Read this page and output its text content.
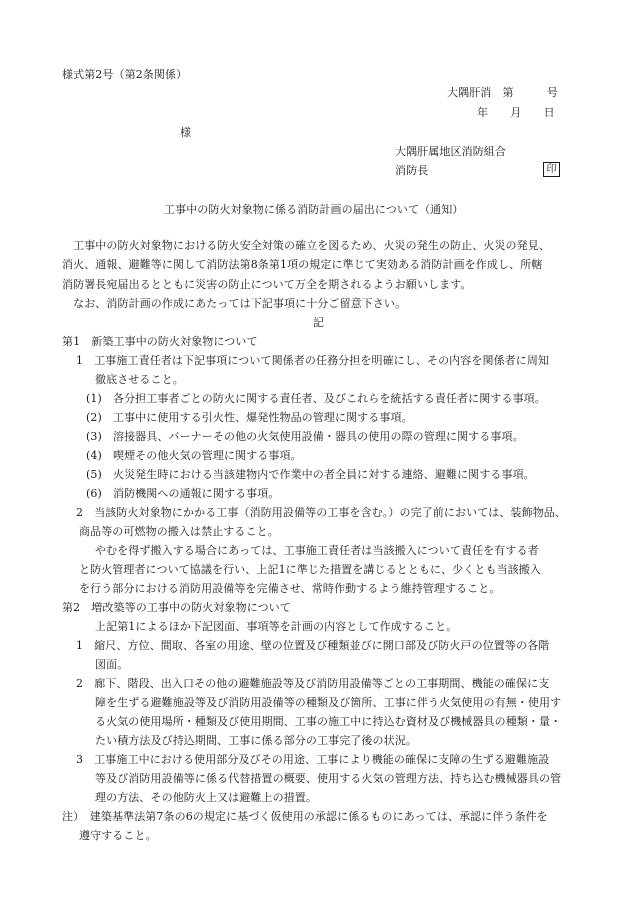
様式第2号（第2条関係）
大隅肝消　第　　　号
年　　月　　日
様
大隅肝属地区消防組合
消防長	印
工事中の防火対象物に係る消防計画の届出について（通知）
　工事中の防火対象物における防火安全対策の確立を図るため、火災の発生の防止、火災の発見、
消火、通報、避難等に関して消防法第8条第1項の規定に準じて実効ある消防計画を作成し、所轄
消防署長宛届出るとともに災害の防止について万全を期されるようお願いします。
　なお、消防計画の作成にあたっては下記事項に十分ご留意下さい。
記
第1　新築工事中の防火対象物について
1　工事施工責任者は下記事項について関係者の任務分担を明確にし、その内容を関係者に周知
徹底させること。
(1)　各分担工事者ごとの防火に関する責任者、及びこれらを統括する責任者に関する事項。
(2)　工事中に使用する引火性、爆発性物品の管理に関する事項。
(3)　溶接器具、バーナーその他の火気使用設備・器具の使用の際の管理に関する事項。
(4)　喫煙その他火気の管理に関する事項。
(5)　火災発生時における当該建物内で作業中の者全員に対する連絡、避難に関する事項。
(6)　消防機関への通報に関する事項。
2　当該防火対象物にかかる工事（消防用設備等の工事を含む。）の完了前においては、装飾物品、
商品等の可燃物の搬入は禁止すること。
やむを得ず搬入する場合にあっては、工事施工責任者は当該搬入について責任を有する者
と防火管理者について協議を行い、上記1に準じた措置を講じるとともに、少くとも当該搬入
を行う部分における消防用設備等を完備させ、常時作動するよう維持管理すること。
第2　増改築等の工事中の防火対象物について
上記第1によるほか下記図面、事項等を計画の内容として作成すること。
1　縮尺、方位、間取、各室の用途、壁の位置及び種類並びに開口部及び防火戸の位置等の各階
図面。
2　廊下、階段、出入口その他の避難施設等及び消防用設備等ごとの工事期間、機能の確保に支
障を生ずる避難施設等及び消防用設備等の種類及び箇所、工事に伴う火気使用の有無・使用す
る火気の使用場所・種類及び使用期間、工事の施工中に持込む資材及び機械器具の種類・量・
たい積方法及び持込期間、工事に係る部分の工事完了後の状況。
3　工事施工中における使用部分及びその用途、工事により機能の確保に支障の生ずる避難施設
等及び消防用設備等に係る代替措置の概要、使用する火気の管理方法、持ち込む機械器具の管
理の方法、その他防火上又は避難上の措置。
注）　建築基準法第7条の6の規定に基づく仮使用の承認に係るものにあっては、承認に伴う条件を
遵守すること。
